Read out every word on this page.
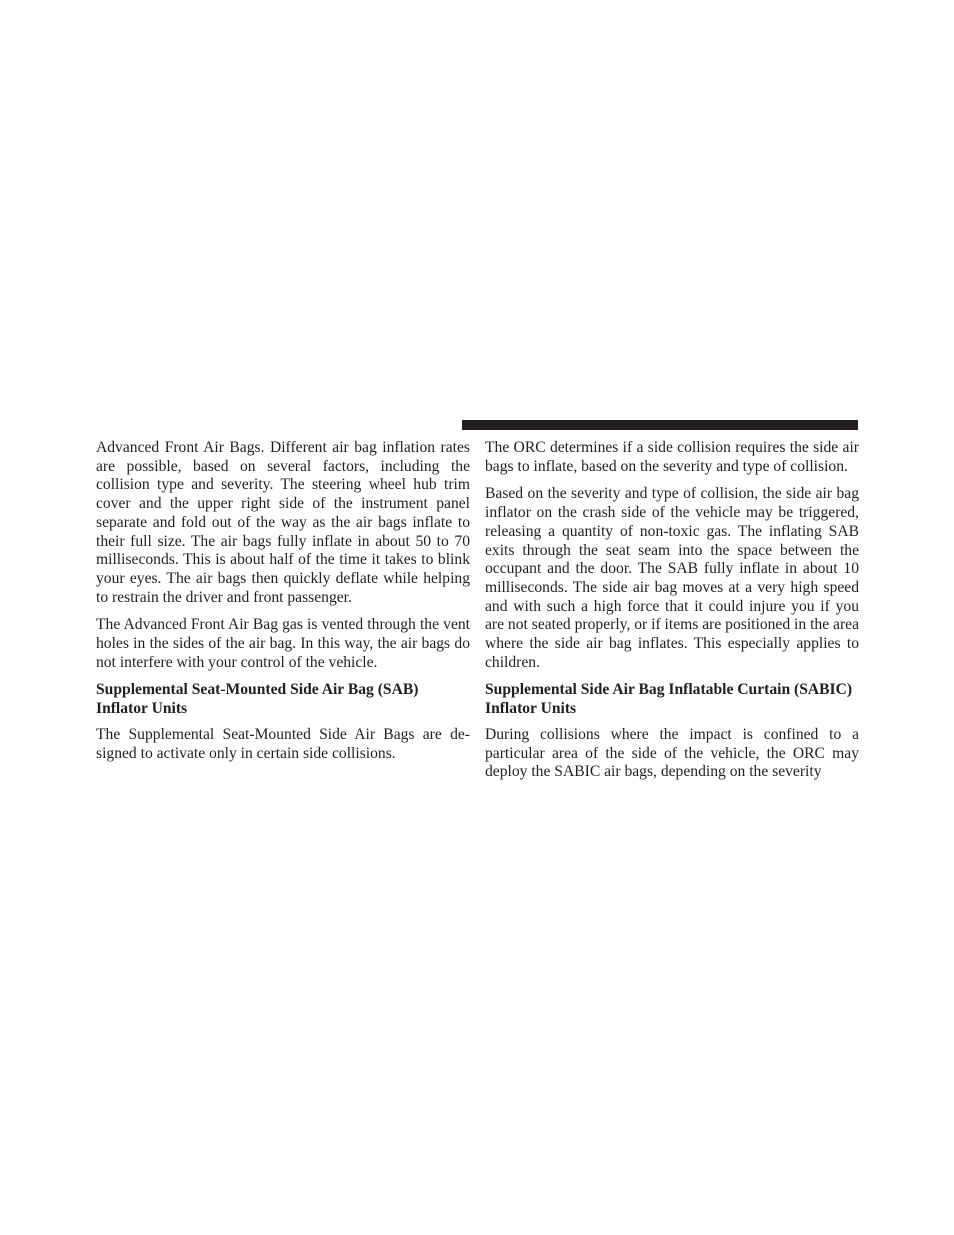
Advanced Front Air Bags. Different air bag inflation rates are possible, based on several factors, including the collision type and severity. The steering wheel hub trim cover and the upper right side of the instrument panel separate and fold out of the way as the air bags inflate to their full size. The air bags fully inflate in about 50 to 70 milliseconds. This is about half of the time it takes to blink your eyes. The air bags then quickly deflate while helping to restrain the driver and front passenger.

The Advanced Front Air Bag gas is vented through the vent holes in the sides of the air bag. In this way, the air bags do not interfere with your control of the vehicle.

Supplemental Seat-Mounted Side Air Bag (SAB) Inflator Units

The Supplemental Seat-Mounted Side Air Bags are designed to activate only in certain side collisions.

The ORC determines if a side collision requires the side air bags to inflate, based on the severity and type of collision.

Based on the severity and type of collision, the side air bag inflator on the crash side of the vehicle may be triggered, releasing a quantity of non-toxic gas. The inflating SAB exits through the seat seam into the space between the occupant and the door. The SAB fully inflate in about 10 milliseconds. The side air bag moves at a very high speed and with such a high force that it could injure you if you are not seated properly, or if items are positioned in the area where the side air bag inflates. This especially applies to children.

Supplemental Side Air Bag Inflatable Curtain (SABIC) Inflator Units

During collisions where the impact is confined to a particular area of the side of the vehicle, the ORC may deploy the SABIC air bags, depending on the severity
